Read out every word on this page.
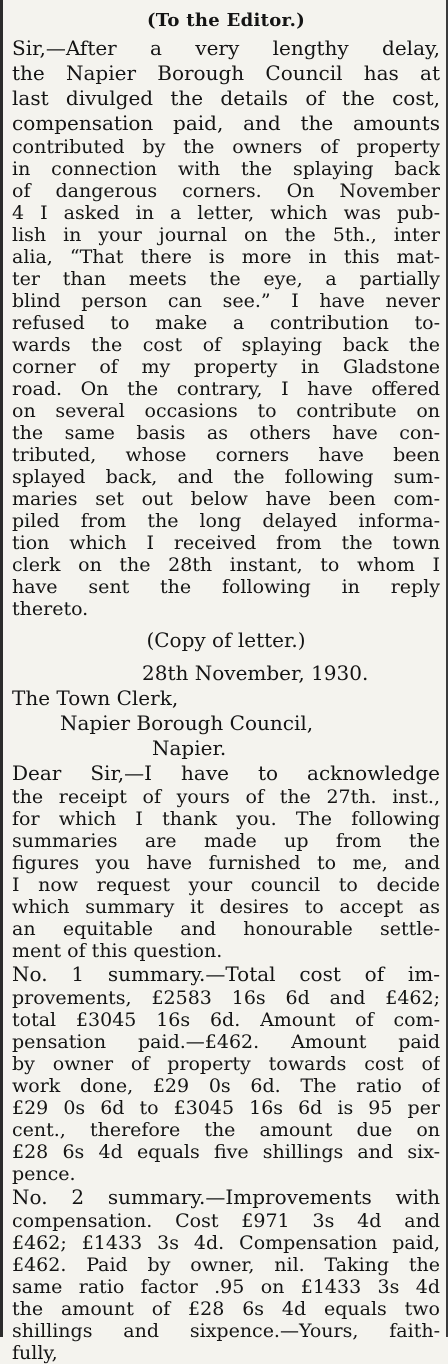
(To the Editor.)
Sir,—After a very lengthy delay,
the Napier Borough Council has at
last divulged the details of the cost,
compensation paid, and the amounts
contributed by the owners of property
in connection with the splaying back
of dangerous corners. On November
4 I asked in a letter, which was pub-
lish in your journal on the 5th., inter
alia, “That there is more in this mat-
ter than meets the eye, a partially
blind person can see.” I have never
refused to make a contribution to-
wards the cost of splaying back the
corner of my property in Gladstone
road. On the contrary, I have offered
on several occasions to contribute on
the same basis as others have con-
tributed, whose corners have been
splayed back, and the following sum-
maries set out below have been com-
piled from the long delayed informa-
tion which I received from the town
clerk on the 28th instant, to whom I
have sent the following in reply
thereto.
(Copy of letter.)
28th November, 1930.
The Town Clerk,
Napier Borough Council,
Napier.
Dear Sir,—I have to acknowledge
the receipt of yours of the 27th. inst.,
for which I thank you. The following
summaries are made up from the
figures you have furnished to me, and
I now request your council to decide
which summary it desires to accept as
an equitable and honourable settle-
ment of this question.
No. 1 summary.—Total cost of im-
provements, £2583 16s 6d and £462;
total £3045 16s 6d. Amount of com-
pensation paid.—£462. Amount paid
by owner of property towards cost of
work done, £29 0s 6d. The ratio of
£29 0s 6d to £3045 16s 6d is 95 per
cent., therefore the amount due on
£28 6s 4d equals five shillings and six-
pence.
No. 2 summary.—Improvements with
compensation. Cost £971 3s 4d and
£462; £1433 3s 4d. Compensation paid,
£462. Paid by owner, nil. Taking the
same ratio factor .95 on £1433 3s 4d
the amount of £28 6s 4d equals two
shillings and sixpence.—Yours, faith-
fully,
